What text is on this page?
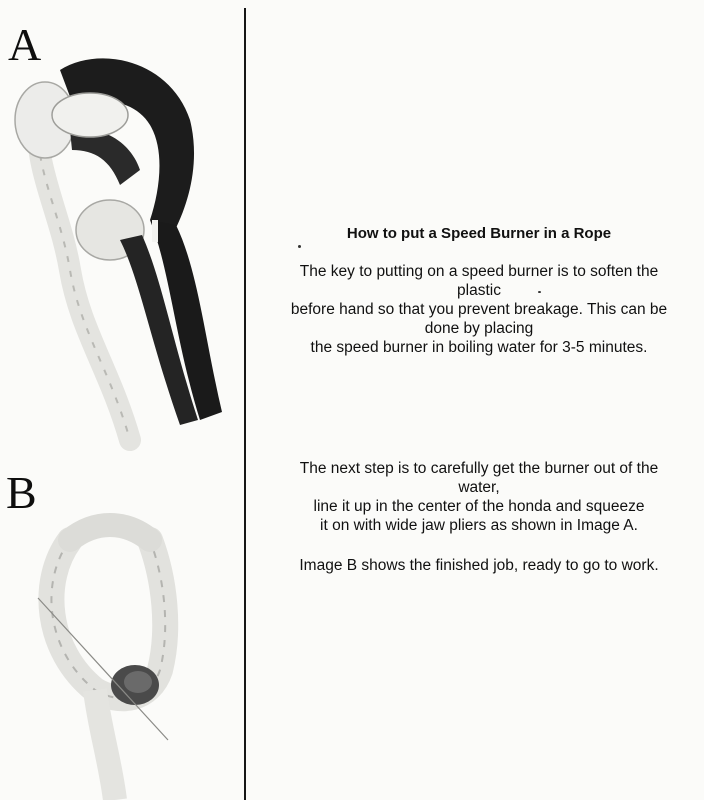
A
B
How to put a Speed Burner in a Rope
The key to putting on a speed burner is to soften the
plastic
before hand so that you prevent breakage. This can be
done by placing
the speed burner in boiling water for 3-5 minutes.
The next step is to carefully get the burner out of the
water,
line it up in the center of the honda and squeeze
it on with wide jaw pliers as shown in Image A.
Image B shows the finished job, ready to go to work.
